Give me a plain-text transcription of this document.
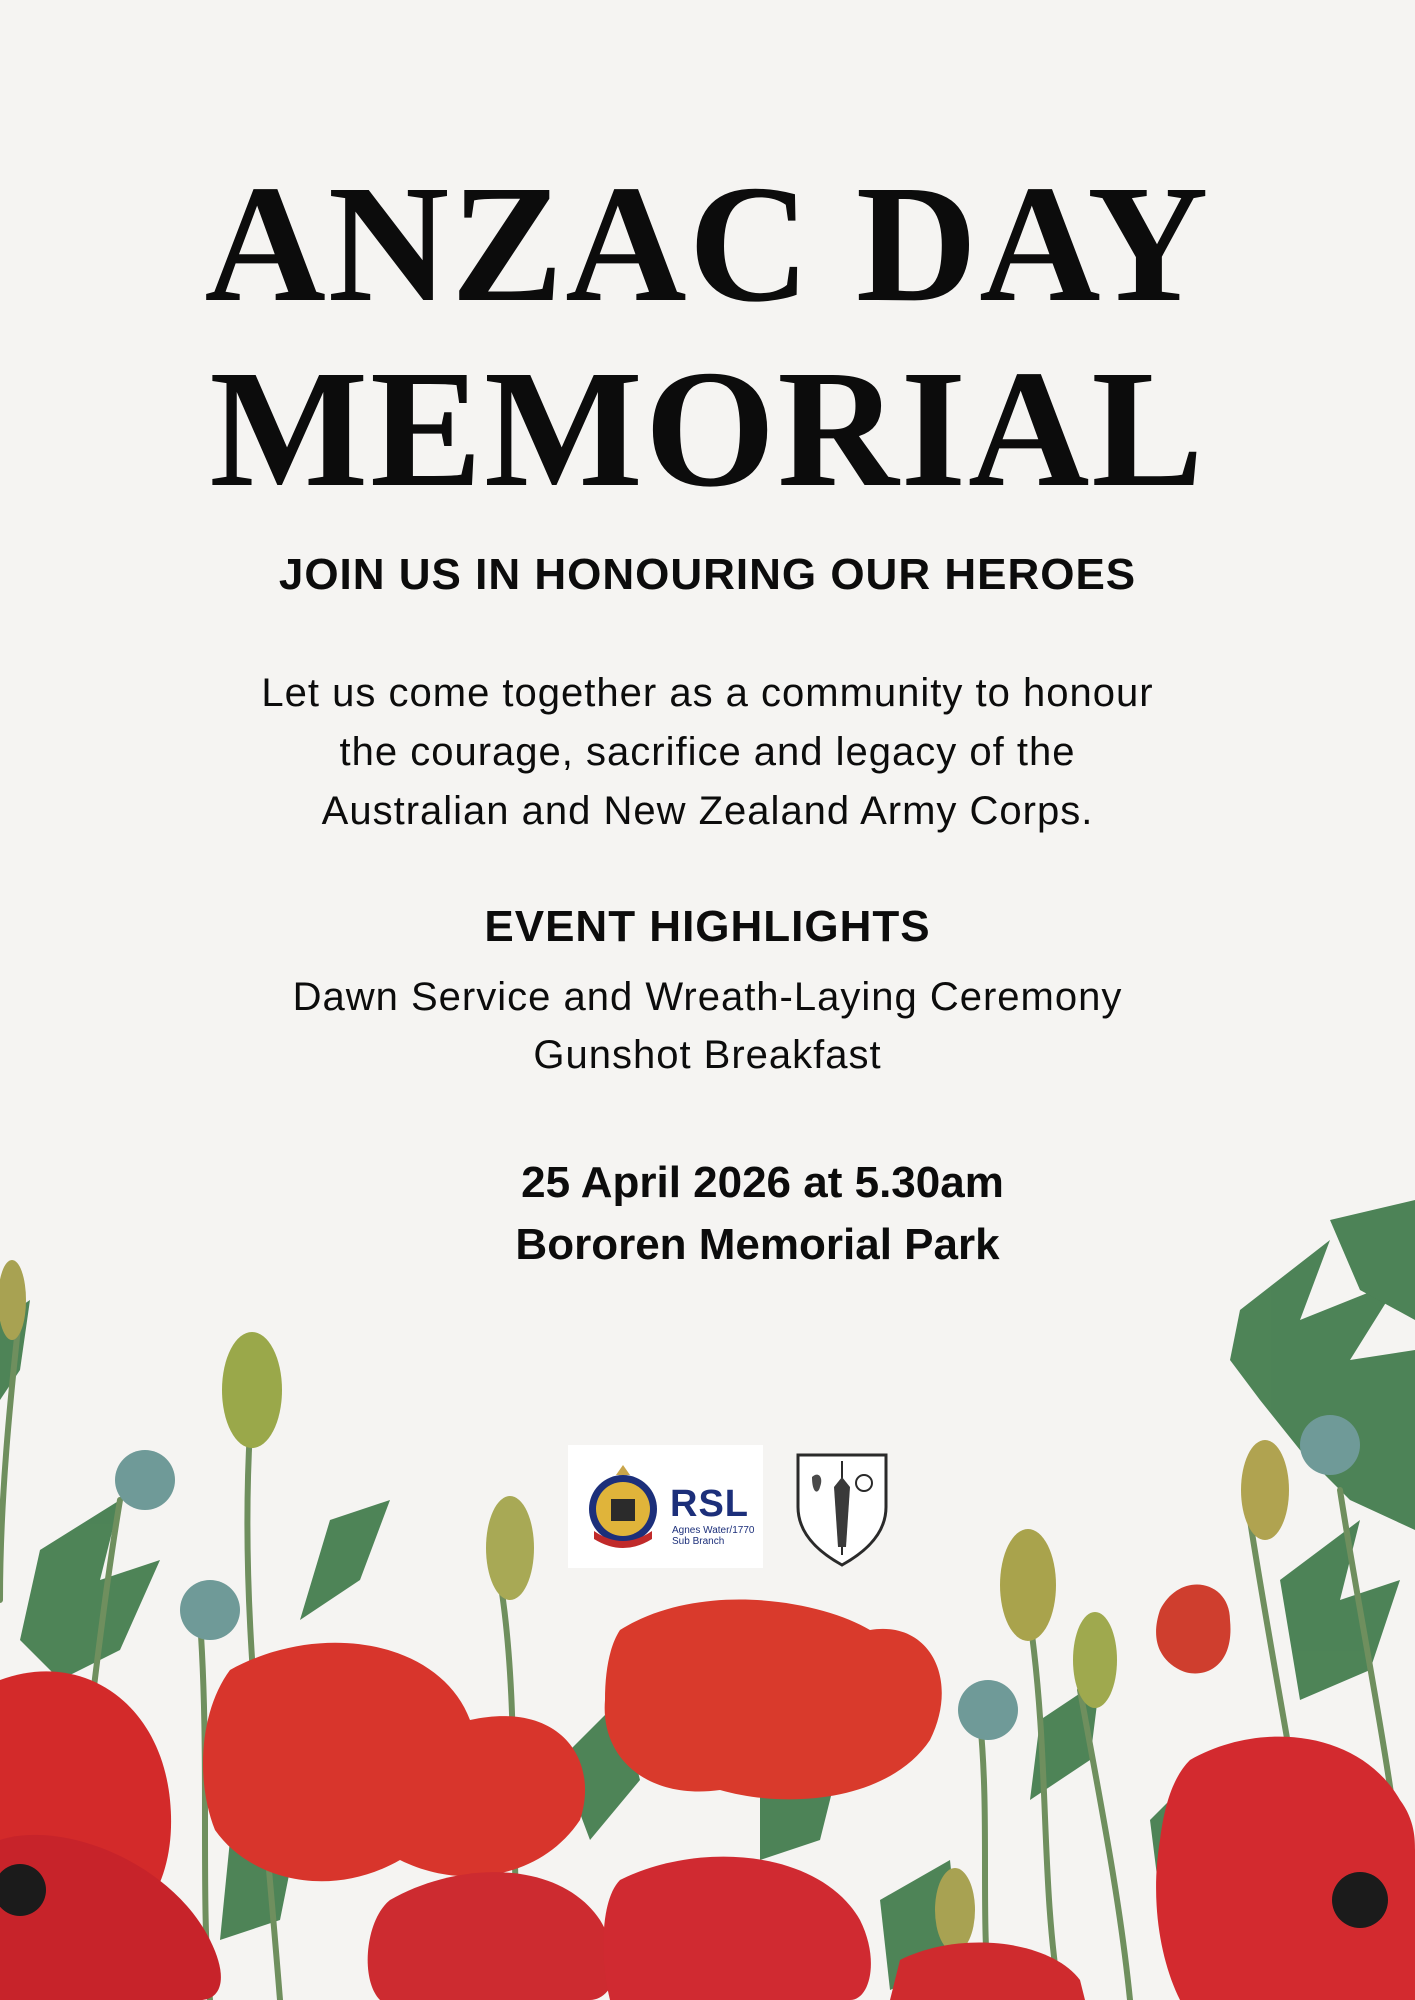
ANZAC DAY
MEMORIAL
JOIN US IN HONOURING OUR HEROES

Let us come together as a community to honour
the courage, sacrifice and legacy of the
Australian and New Zealand Army Corps.

EVENT HIGHLIGHTS
Dawn Service and Wreath-Laying Ceremony
Gunshot Breakfast

25 April 2026 at 5.30am

Bororen Memorial Park

RSL
Agnes Water/1770
Sub Branch
